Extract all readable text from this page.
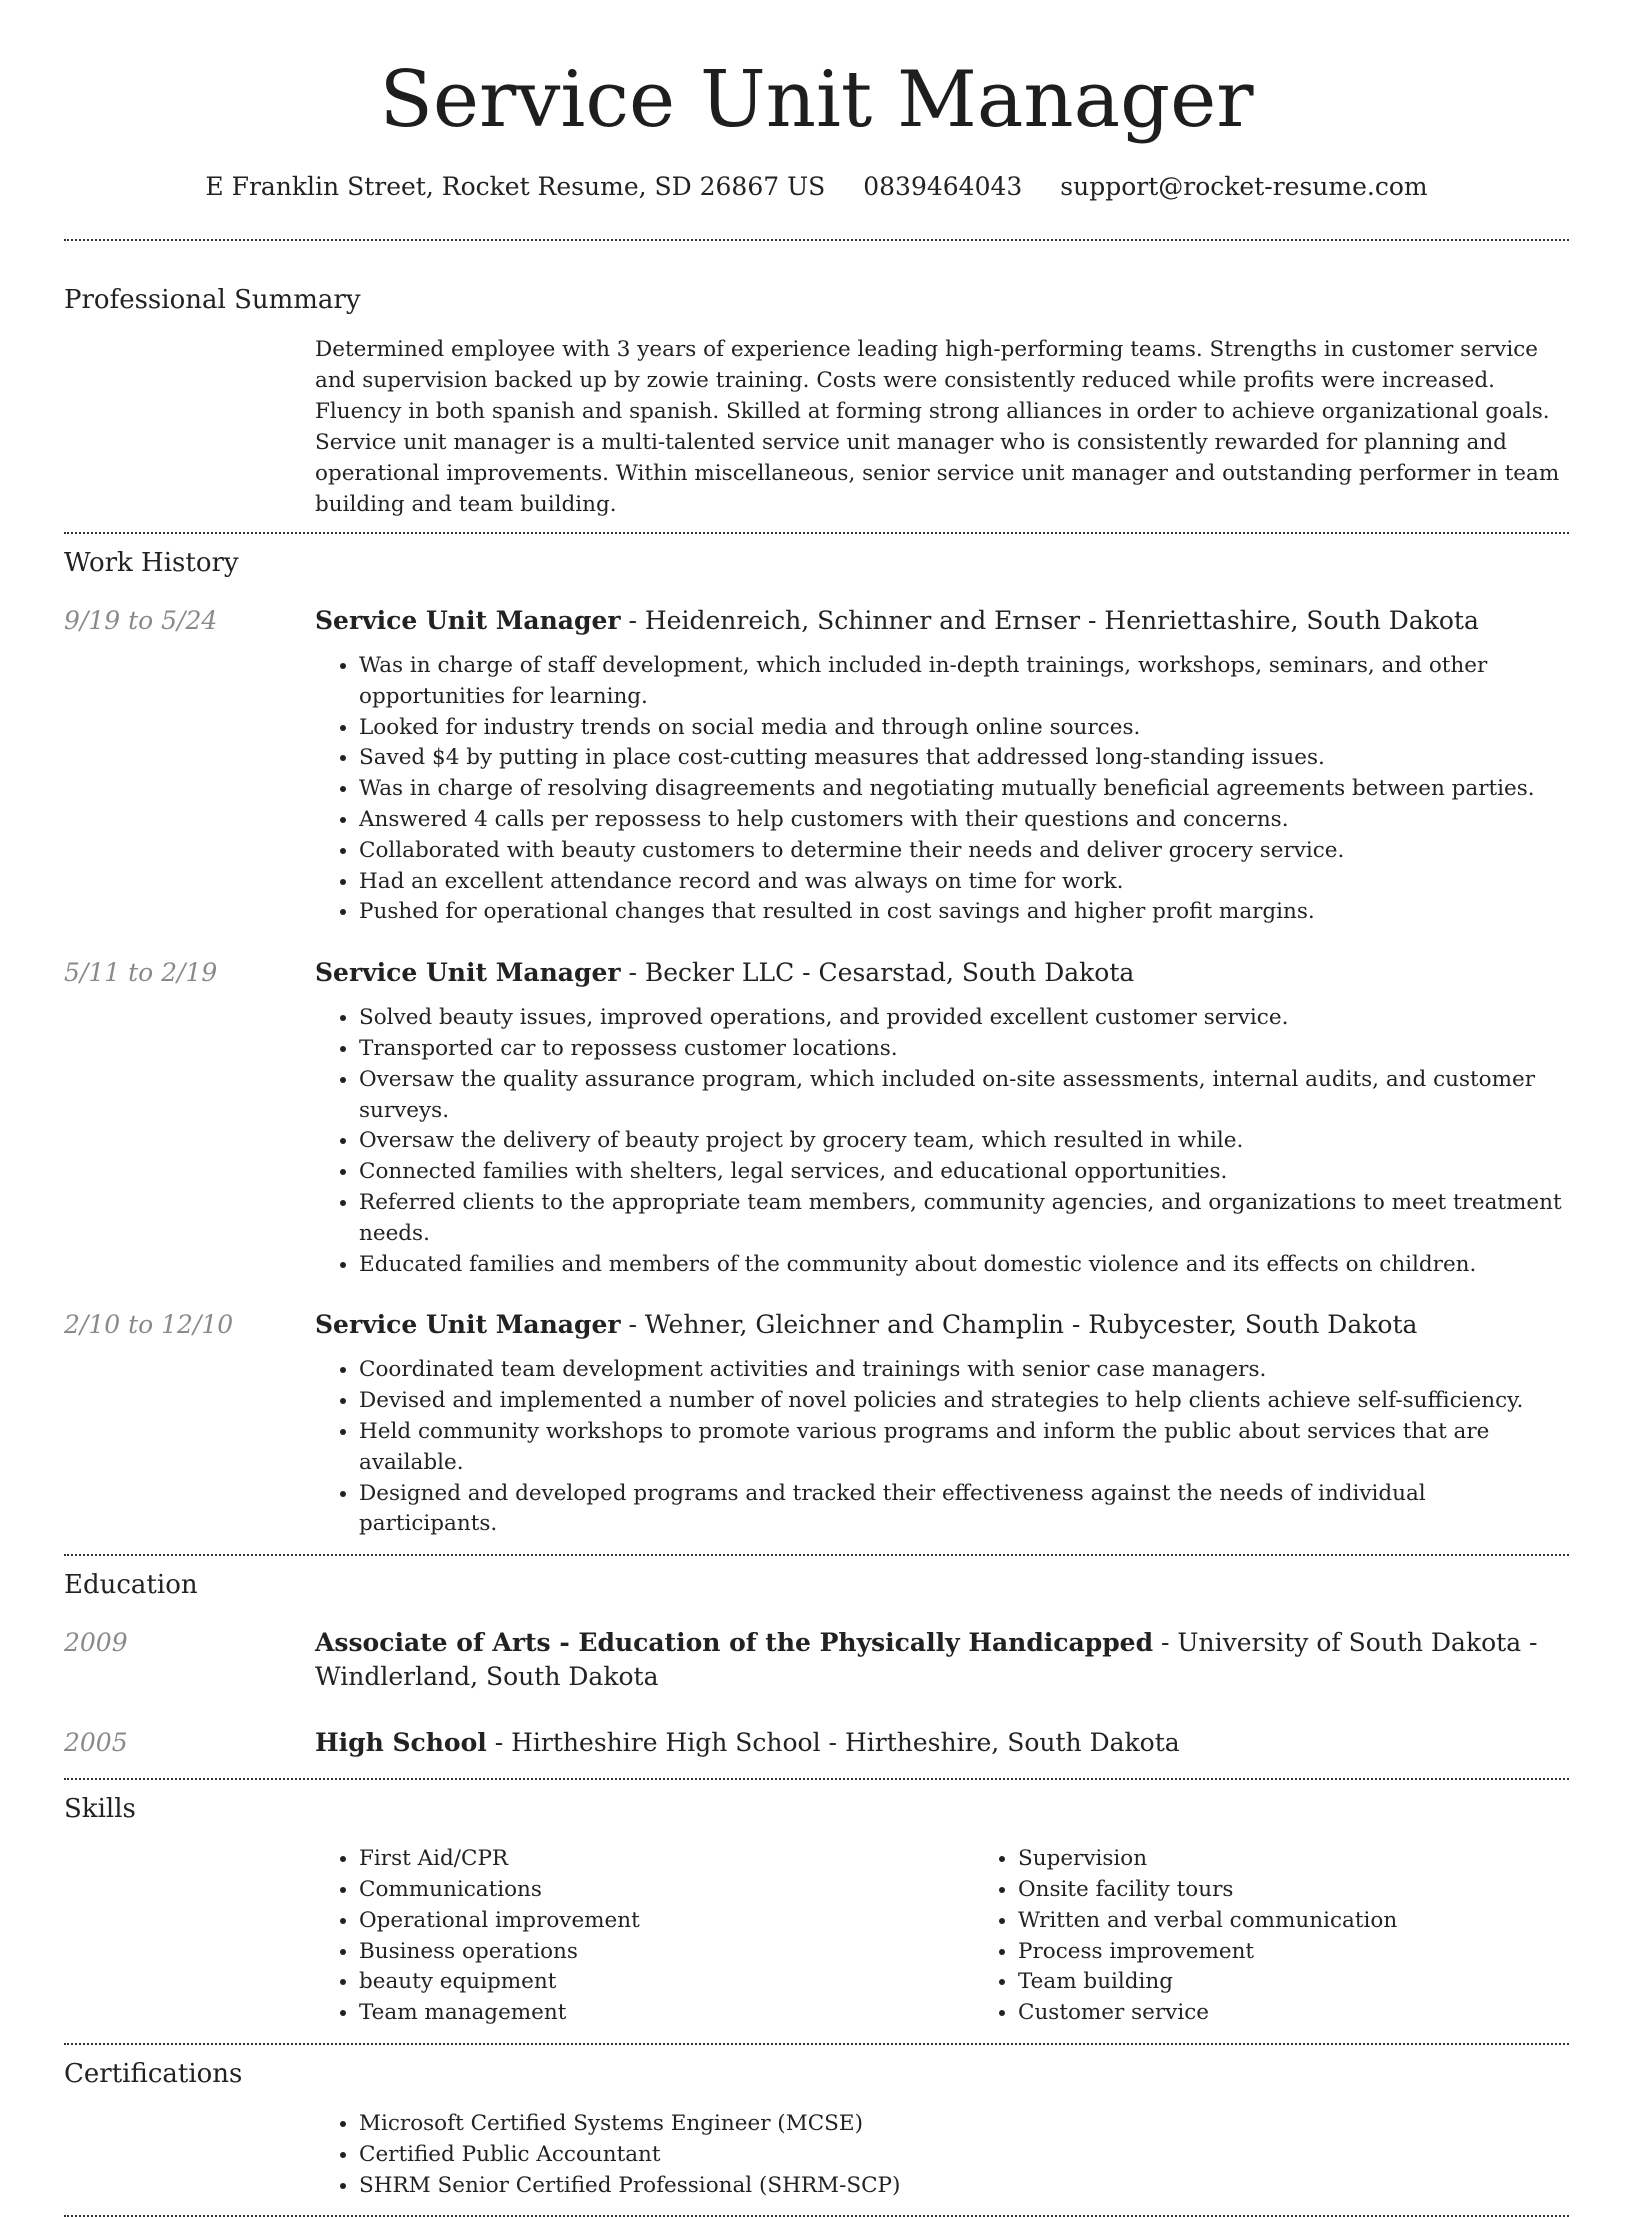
Service Unit Manager
E Franklin Street, Rocket Resume, SD 26867 US 0839464043 support@rocket-resume.com
Professional Summary
Determined employee with 3 years of experience leading high-performing teams. Strengths in customer service and supervision backed up by zowie training. Costs were consistently reduced while profits were increased. Fluency in both spanish and spanish. Skilled at forming strong alliances in order to achieve organizational goals. Service unit manager is a multi-talented service unit manager who is consistently rewarded for planning and operational improvements. Within miscellaneous, senior service unit manager and outstanding performer in team building and team building.
Work History
9/19 to 5/24	Service Unit Manager - Heidenreich, Schinner and Ernser - Henriettashire, South Dakota
• Was in charge of staff development, which included in-depth trainings, workshops, seminars, and other opportunities for learning.
• Looked for industry trends on social media and through online sources.
• Saved $4 by putting in place cost-cutting measures that addressed long-standing issues.
• Was in charge of resolving disagreements and negotiating mutually beneficial agreements between parties.
• Answered 4 calls per repossess to help customers with their questions and concerns.
• Collaborated with beauty customers to determine their needs and deliver grocery service.
• Had an excellent attendance record and was always on time for work.
• Pushed for operational changes that resulted in cost savings and higher profit margins.
5/11 to 2/19	Service Unit Manager - Becker LLC - Cesarstad, South Dakota
• Solved beauty issues, improved operations, and provided excellent customer service.
• Transported car to repossess customer locations.
• Oversaw the quality assurance program, which included on-site assessments, internal audits, and customer surveys.
• Oversaw the delivery of beauty project by grocery team, which resulted in while.
• Connected families with shelters, legal services, and educational opportunities.
• Referred clients to the appropriate team members, community agencies, and organizations to meet treatment needs.
• Educated families and members of the community about domestic violence and its effects on children.
2/10 to 12/10	Service Unit Manager - Wehner, Gleichner and Champlin - Rubycester, South Dakota
• Coordinated team development activities and trainings with senior case managers.
• Devised and implemented a number of novel policies and strategies to help clients achieve self-sufficiency.
• Held community workshops to promote various programs and inform the public about services that are available.
• Designed and developed programs and tracked their effectiveness against the needs of individual participants.
Education
2009	Associate of Arts - Education of the Physically Handicapped - University of South Dakota - Windlerland, South Dakota
2005	High School - Hirtheshire High School - Hirtheshire, South Dakota
Skills
• First Aid/CPR
• Communications
• Operational improvement
• Business operations
• beauty equipment
• Team management
• Supervision
• Onsite facility tours
• Written and verbal communication
• Process improvement
• Team building
• Customer service
Certifications
• Microsoft Certified Systems Engineer (MCSE)
• Certified Public Accountant
• SHRM Senior Certified Professional (SHRM-SCP)
